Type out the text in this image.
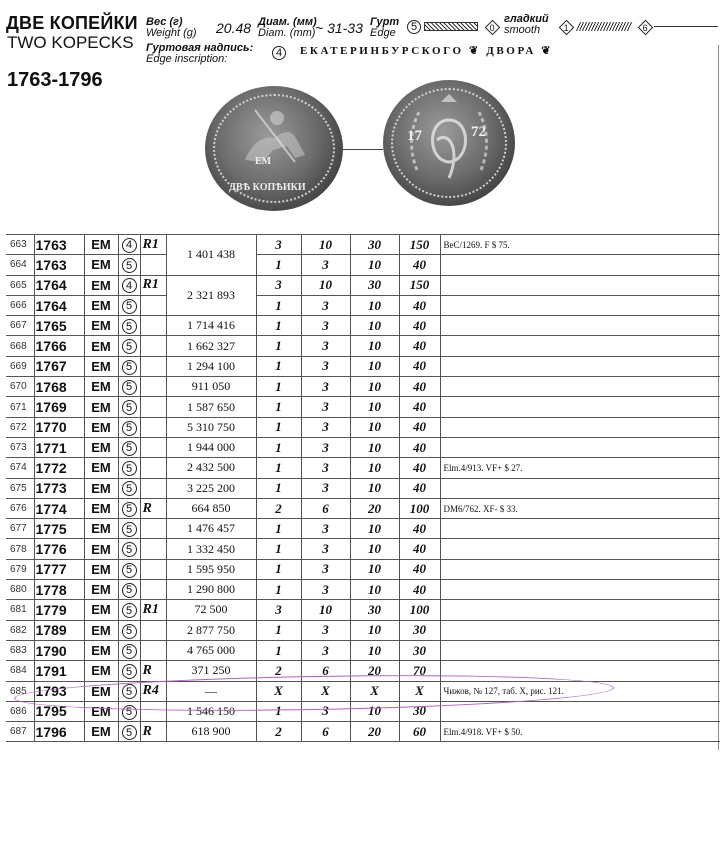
ДВЕ КОПЕЙКИ
TWO KOPECKS
1763-1796
Вес (г)
Weight (g) 20.48 Диам. (мм)
Diam. (mm) ~ 31-33 Гурт
Edge
5	0
гладкий
smooth	1	6
Гуртовая надпись:
Edge inscription:
4	ЕКАТЕРИНБУРСКОГО ❦ ДВОРА ❦
ЕМ
ДВѢ КОПѢИКИ
17	72
663	1763	ЕМ	4	R1	1 401 438	3	10	30	150	ВеС/1269. F $ 75.
664	1763	ЕМ	5			1	3	10	40	
665	1764	ЕМ	4	R1	2 321 893	3	10	30	150	
666	1764	ЕМ	5			1	3	10	40	
667	1765	ЕМ	5		1 714 416	1	3	10	40	
668	1766	ЕМ	5		1 662 327	1	3	10	40	
669	1767	ЕМ	5		1 294 100	1	3	10	40	
670	1768	ЕМ	5		911 050	1	3	10	40	
671	1769	ЕМ	5		1 587 650	1	3	10	40	
672	1770	ЕМ	5		5 310 750	1	3	10	40	
673	1771	ЕМ	5		1 944 000	1	3	10	40	
674	1772	ЕМ	5		2 432 500	1	3	10	40	Elm.4/913. VF+ $ 27.
675	1773	ЕМ	5		3 225 200	1	3	10	40	
676	1774	ЕМ	5	R	664 850	2	6	20	100	DM6/762. XF- $ 33.
677	1775	ЕМ	5		1 476 457	1	3	10	40	
678	1776	ЕМ	5		1 332 450	1	3	10	40	
679	1777	ЕМ	5		1 595 950	1	3	10	40	
680	1778	ЕМ	5		1 290 800	1	3	10	40	
681	1779	ЕМ	5	R1	72 500	3	10	30	100	
682	1789	ЕМ	5		2 877 750	1	3	10	30	
683	1790	ЕМ	5		4 765 000	1	3	10	30	
684	1791	ЕМ	5	R	371 250	2	6	20	70	
685	1793	ЕМ	5	R4	—	X	X	X	X	Чижов, № 127, таб. X, рис. 121.
686	1795	ЕМ	5		1 546 150	1	3	10	30	
687	1796	ЕМ	5	R	618 900	2	6	20	60	Elm.4/918. VF+ $ 50.
